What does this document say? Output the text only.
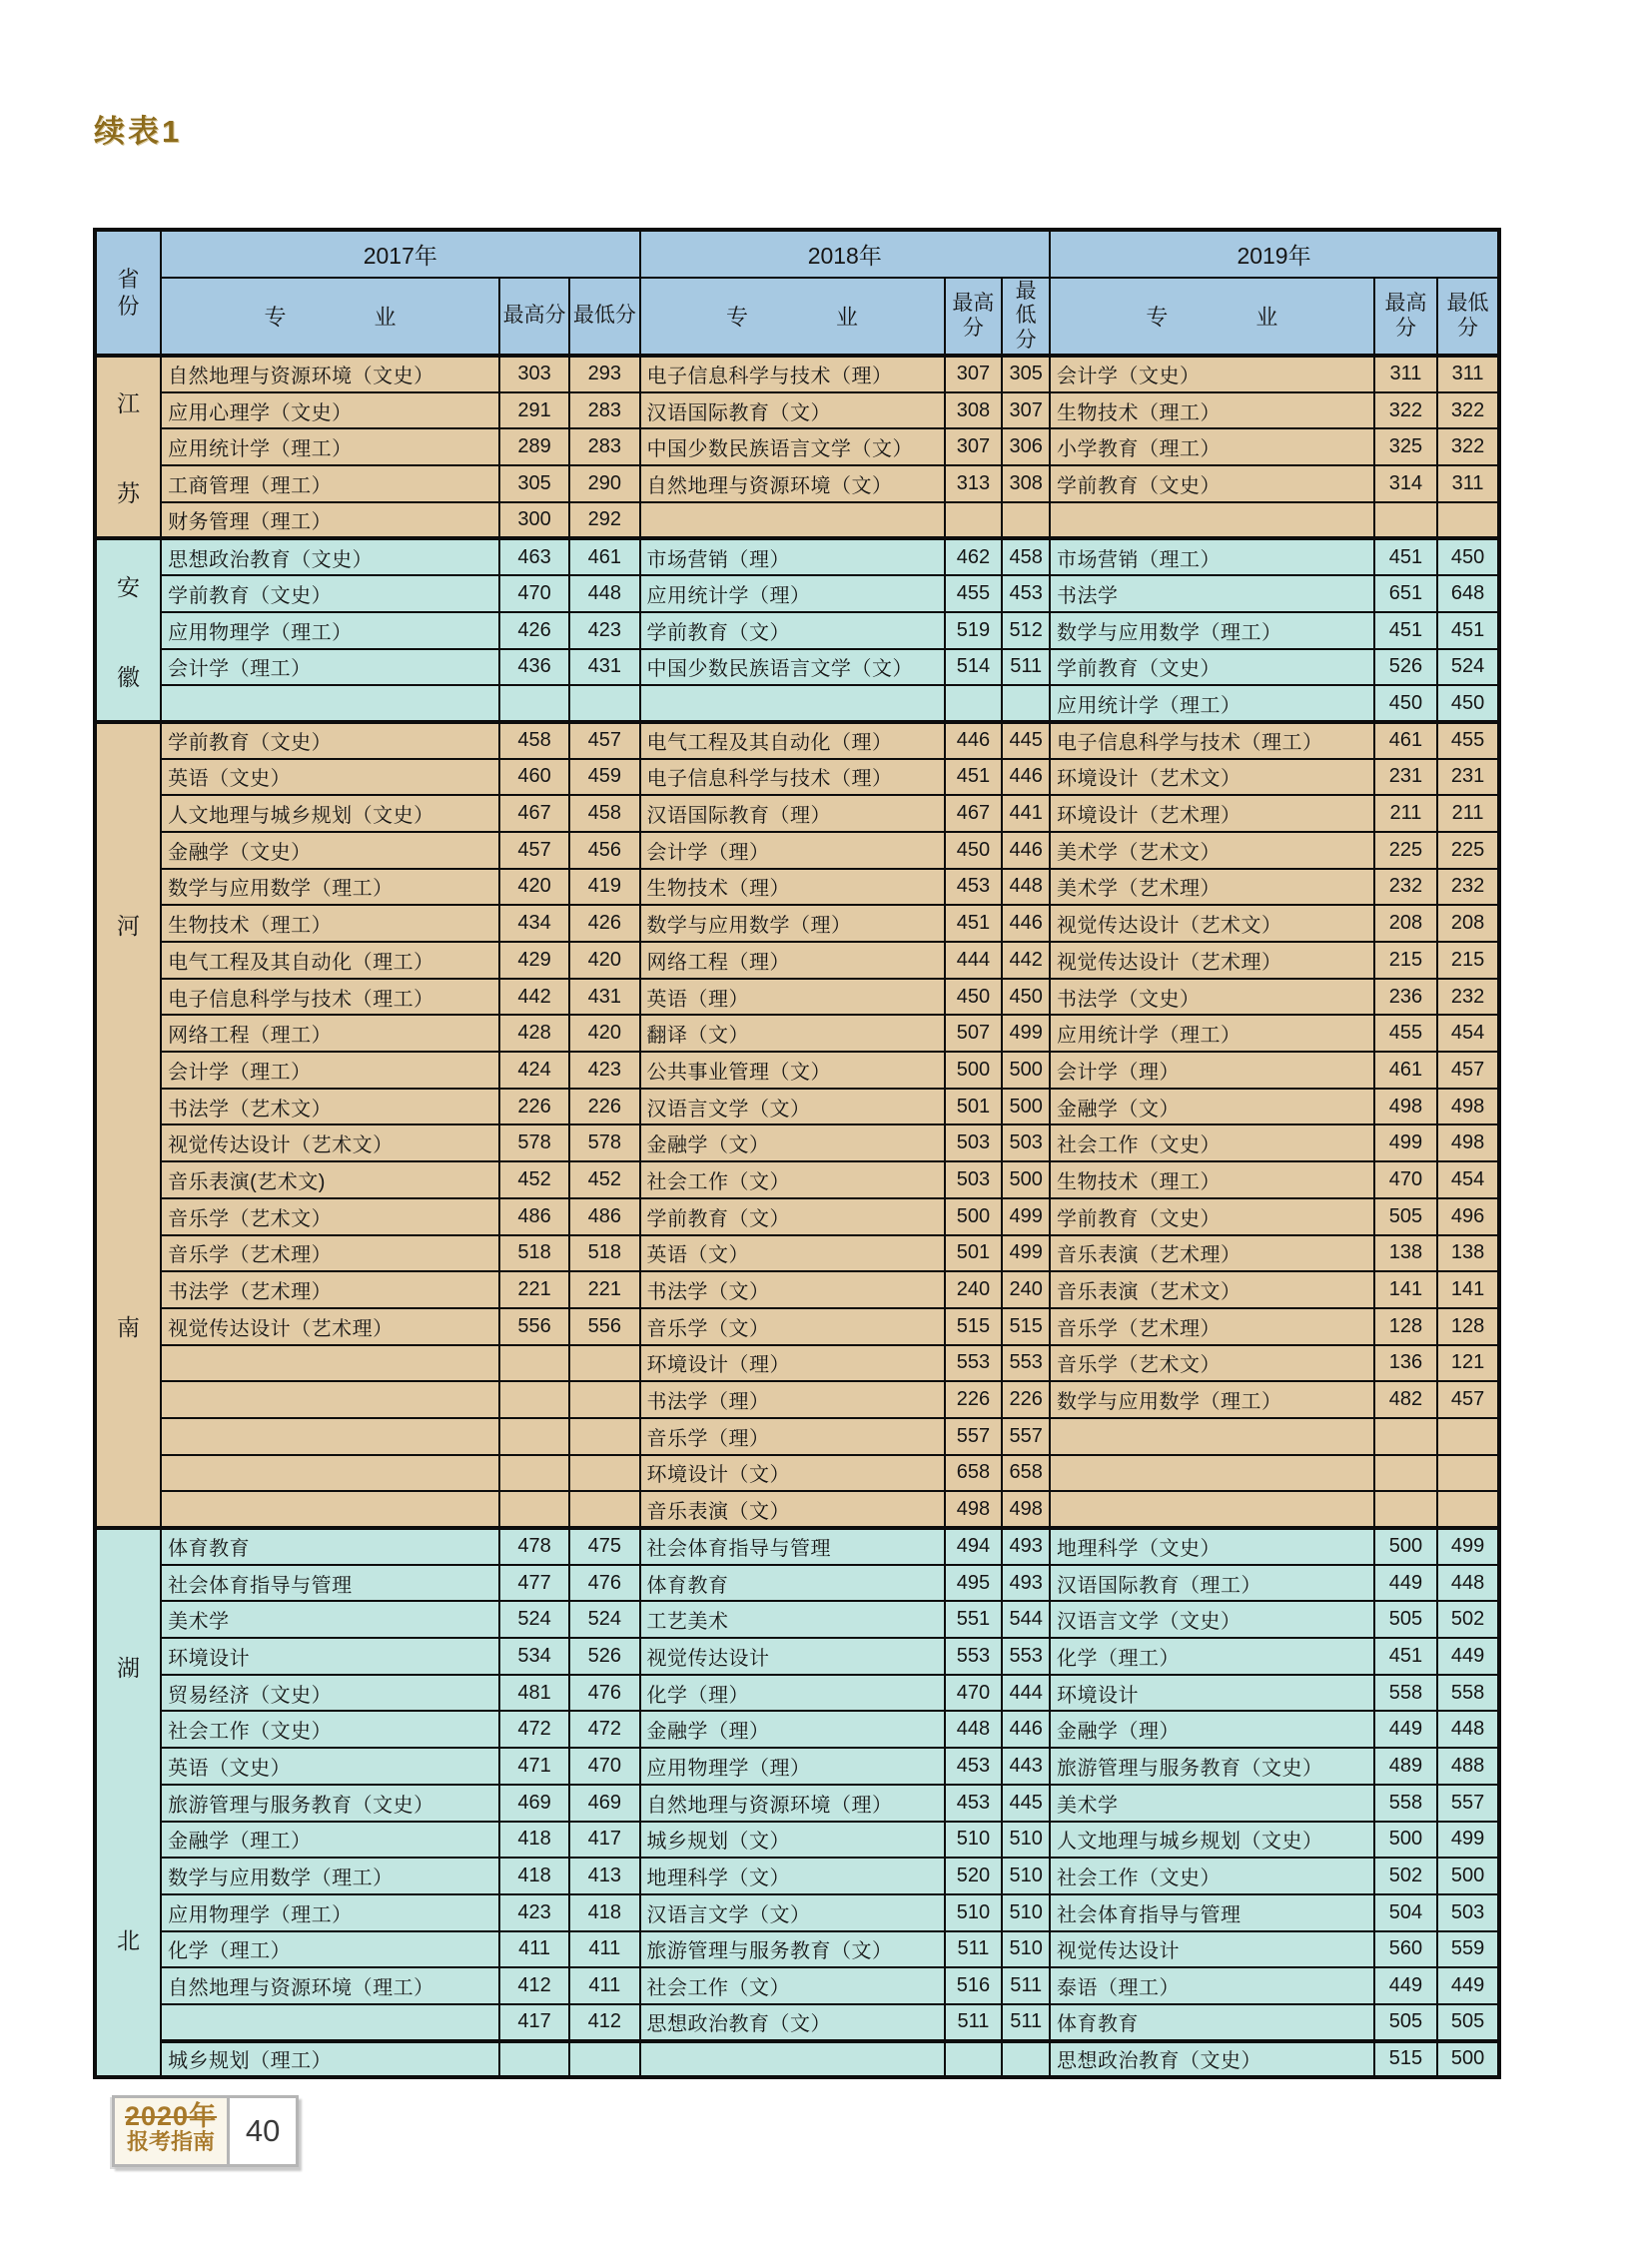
续表1
省份	2017年			2018年			2019年		
	专　　　　业	最高分	最低分	专　　　　业	最高分	最低分	专　　　　业	最高分	最低分

江
苏	自然地理与资源环境（文史）	303	293	电子信息科学与技术（理）	307	305	会计学（文史）	311	311
	应用心理学（文史）	291	283	汉语国际教育（文）	308	307	生物技术（理工）	322	322
	应用统计学（理工）	289	283	中国少数民族语言文学（文）	307	306	小学教育（理工）	325	322
	工商管理（理工）	305	290	自然地理与资源环境（文）	313	308	学前教育（文史）	314	311
	财务管理（理工）	300	292						

安
徽	思想政治教育（文史）	463	461	市场营销（理）	462	458	市场营销（理工）	451	450
	学前教育（文史）	470	448	应用统计学（理）	455	453	书法学	651	648
	应用物理学（理工）	426	423	学前教育（文）	519	512	数学与应用数学（理工）	451	451
	会计学（理工）	436	431	中国少数民族语言文学（文）	514	511	学前教育（文史）	526	524
							应用统计学（理工）	450	450

河
南	学前教育（文史）	458	457	电气工程及其自动化（理）	446	445	电子信息科学与技术（理工）	461	455
	英语（文史）	460	459	电子信息科学与技术（理）	451	446	环境设计（艺术文）	231	231
	人文地理与城乡规划（文史）	467	458	汉语国际教育（理）	467	441	环境设计（艺术理）	211	211
	金融学（文史）	457	456	会计学（理）	450	446	美术学（艺术文）	225	225
	数学与应用数学（理工）	420	419	生物技术（理）	453	448	美术学（艺术理）	232	232
	生物技术（理工）	434	426	数学与应用数学（理）	451	446	视觉传达设计（艺术文）	208	208
	电气工程及其自动化（理工）	429	420	网络工程（理）	444	442	视觉传达设计（艺术理）	215	215
	电子信息科学与技术（理工）	442	431	英语（理）	450	450	书法学（文史）	236	232
	网络工程（理工）	428	420	翻译（文）	507	499	应用统计学（理工）	455	454
	会计学（理工）	424	423	公共事业管理（文）	500	500	会计学（理）	461	457
	书法学（艺术文）	226	226	汉语言文学（文）	501	500	金融学（文）	498	498
	视觉传达设计（艺术文）	578	578	金融学（文）	503	503	社会工作（文史）	499	498
	音乐表演(艺术文)	452	452	社会工作（文）	503	500	生物技术（理工）	470	454
	音乐学（艺术文）	486	486	学前教育（文）	500	499	学前教育（文史）	505	496
	音乐学（艺术理）	518	518	英语（文）	501	499	音乐表演（艺术理）	138	138
	书法学（艺术理）	221	221	书法学（文）	240	240	音乐表演（艺术文）	141	141
	视觉传达设计（艺术理）	556	556	音乐学（文）	515	515	音乐学（艺术理）	128	128
				环境设计（理）	553	553	音乐学（艺术文）	136	121
				书法学（理）	226	226	数学与应用数学（理工）	482	457
				音乐学（理）	557	557			
				环境设计（文）	658	658			
				音乐表演（文）	498	498			

湖
北	体育教育	478	475	社会体育指导与管理	494	493	地理科学（文史）	500	499
	社会体育指导与管理	477	476	体育教育	495	493	汉语国际教育（理工）	449	448
	美术学	524	524	工艺美术	551	544	汉语言文学（文史）	505	502
	环境设计	534	526	视觉传达设计	553	553	化学（理工）	451	449
	贸易经济（文史）	481	476	化学（理）	470	444	环境设计	558	558
	社会工作（文史）	472	472	金融学（理）	448	446	金融学（理）	449	448
	英语（文史）	471	470	应用物理学（理）	453	443	旅游管理与服务教育（文史）	489	488
	旅游管理与服务教育（文史）	469	469	自然地理与资源环境（理）	453	445	美术学	558	557
	金融学（理工）	418	417	城乡规划（文）	510	510	人文地理与城乡规划（文史）	500	499
	数学与应用数学（理工）	418	413	地理科学（文）	520	510	社会工作（文史）	502	500
	应用物理学（理工）	423	418	汉语言文学（文）	510	510	社会体育指导与管理	504	503
	化学（理工）	411	411	旅游管理与服务教育（文）	511	510	视觉传达设计	560	559
	自然地理与资源环境（理工）	412	411	社会工作（文）	516	511	泰语（理工）	449	449
		417	412	思想政治教育（文）	511	511	体育教育	505	505
	城乡规划（理工）						思想政治教育（文史）	515	500
2020年
报考指南 40
